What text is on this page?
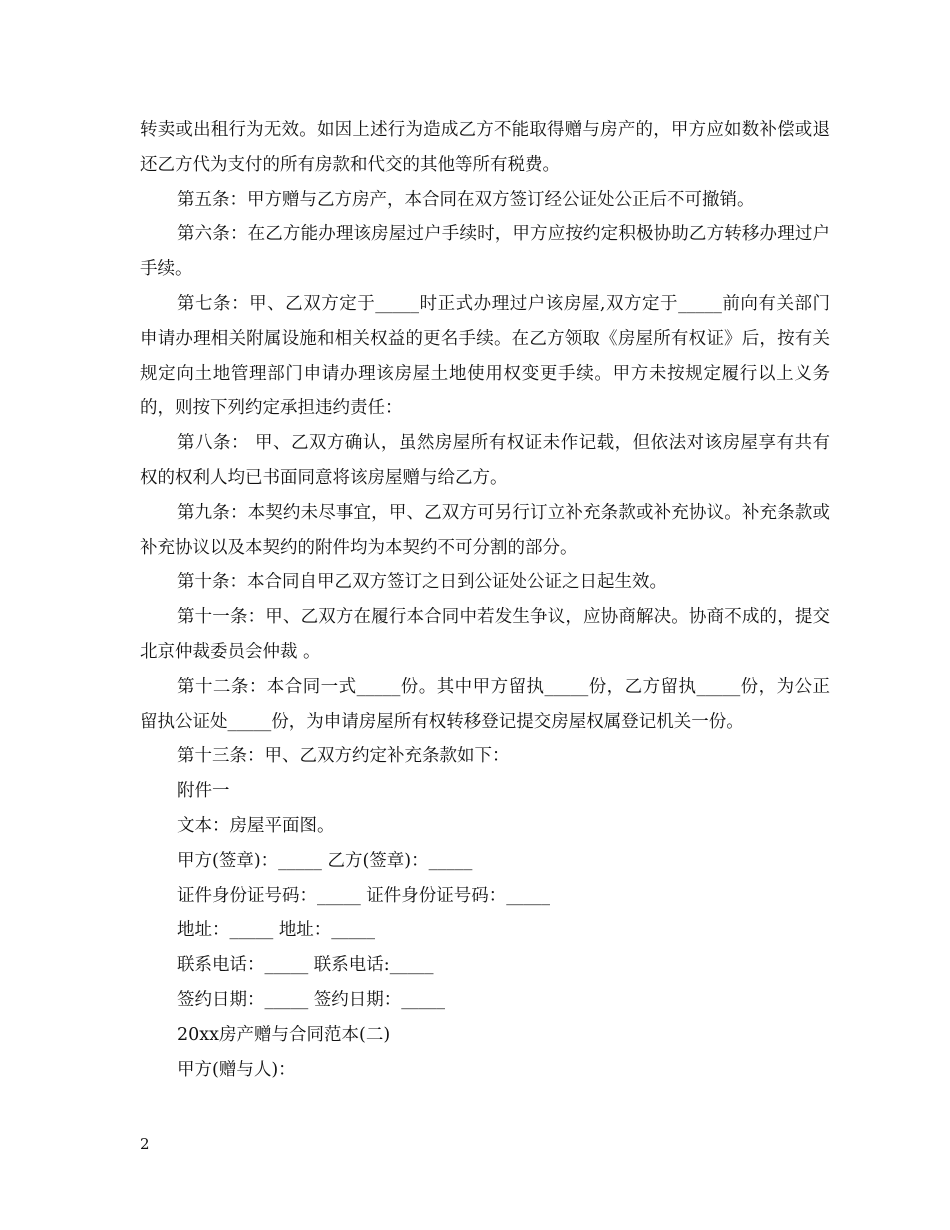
转卖或出租行为无效。如因上述行为造成乙方不能取得赠与房产的，甲方应如数补偿或退还乙方代为支付的所有房款和代交的其他等所有税费。

第五条：甲方赠与乙方房产，本合同在双方签订经公证处公正后不可撤销。

第六条：在乙方能办理该房屋过户手续时，甲方应按约定积极协助乙方转移办理过户手续。

第七条：甲、乙双方定于_____时正式办理过户该房屋,双方定于_____前向有关部门申请办理相关附属设施和相关权益的更名手续。在乙方领取《房屋所有权证》后，按有关规定向土地管理部门申请办理该房屋土地使用权变更手续。甲方未按规定履行以上义务的，则按下列约定承担违约责任：

第八条： 甲、乙双方确认，虽然房屋所有权证未作记载，但依法对该房屋享有共有权的权利人均已书面同意将该房屋赠与给乙方。

第九条：本契约未尽事宜，甲、乙双方可另行订立补充条款或补充协议。补充条款或补充协议以及本契约的附件均为本契约不可分割的部分。

第十条：本合同自甲乙双方签订之日到公证处公证之日起生效。

第十一条：甲、乙双方在履行本合同中若发生争议，应协商解决。协商不成的，提交北京仲裁委员会仲裁 。

第十二条：本合同一式_____份。其中甲方留执_____份，乙方留执_____份，为公正留执公证处_____份，为申请房屋所有权转移登记提交房屋权属登记机关一份。

第十三条：甲、乙双方约定补充条款如下：

附件一

文本：房屋平面图。

甲方(签章)：_____ 乙方(签章)：_____

证件身份证号码：_____ 证件身份证号码：_____

地址：_____ 地址：_____

联系电话：_____ 联系电话:_____

签约日期：_____ 签约日期：_____

20xx房产赠与合同范本(二)

甲方(赠与人)：

2
